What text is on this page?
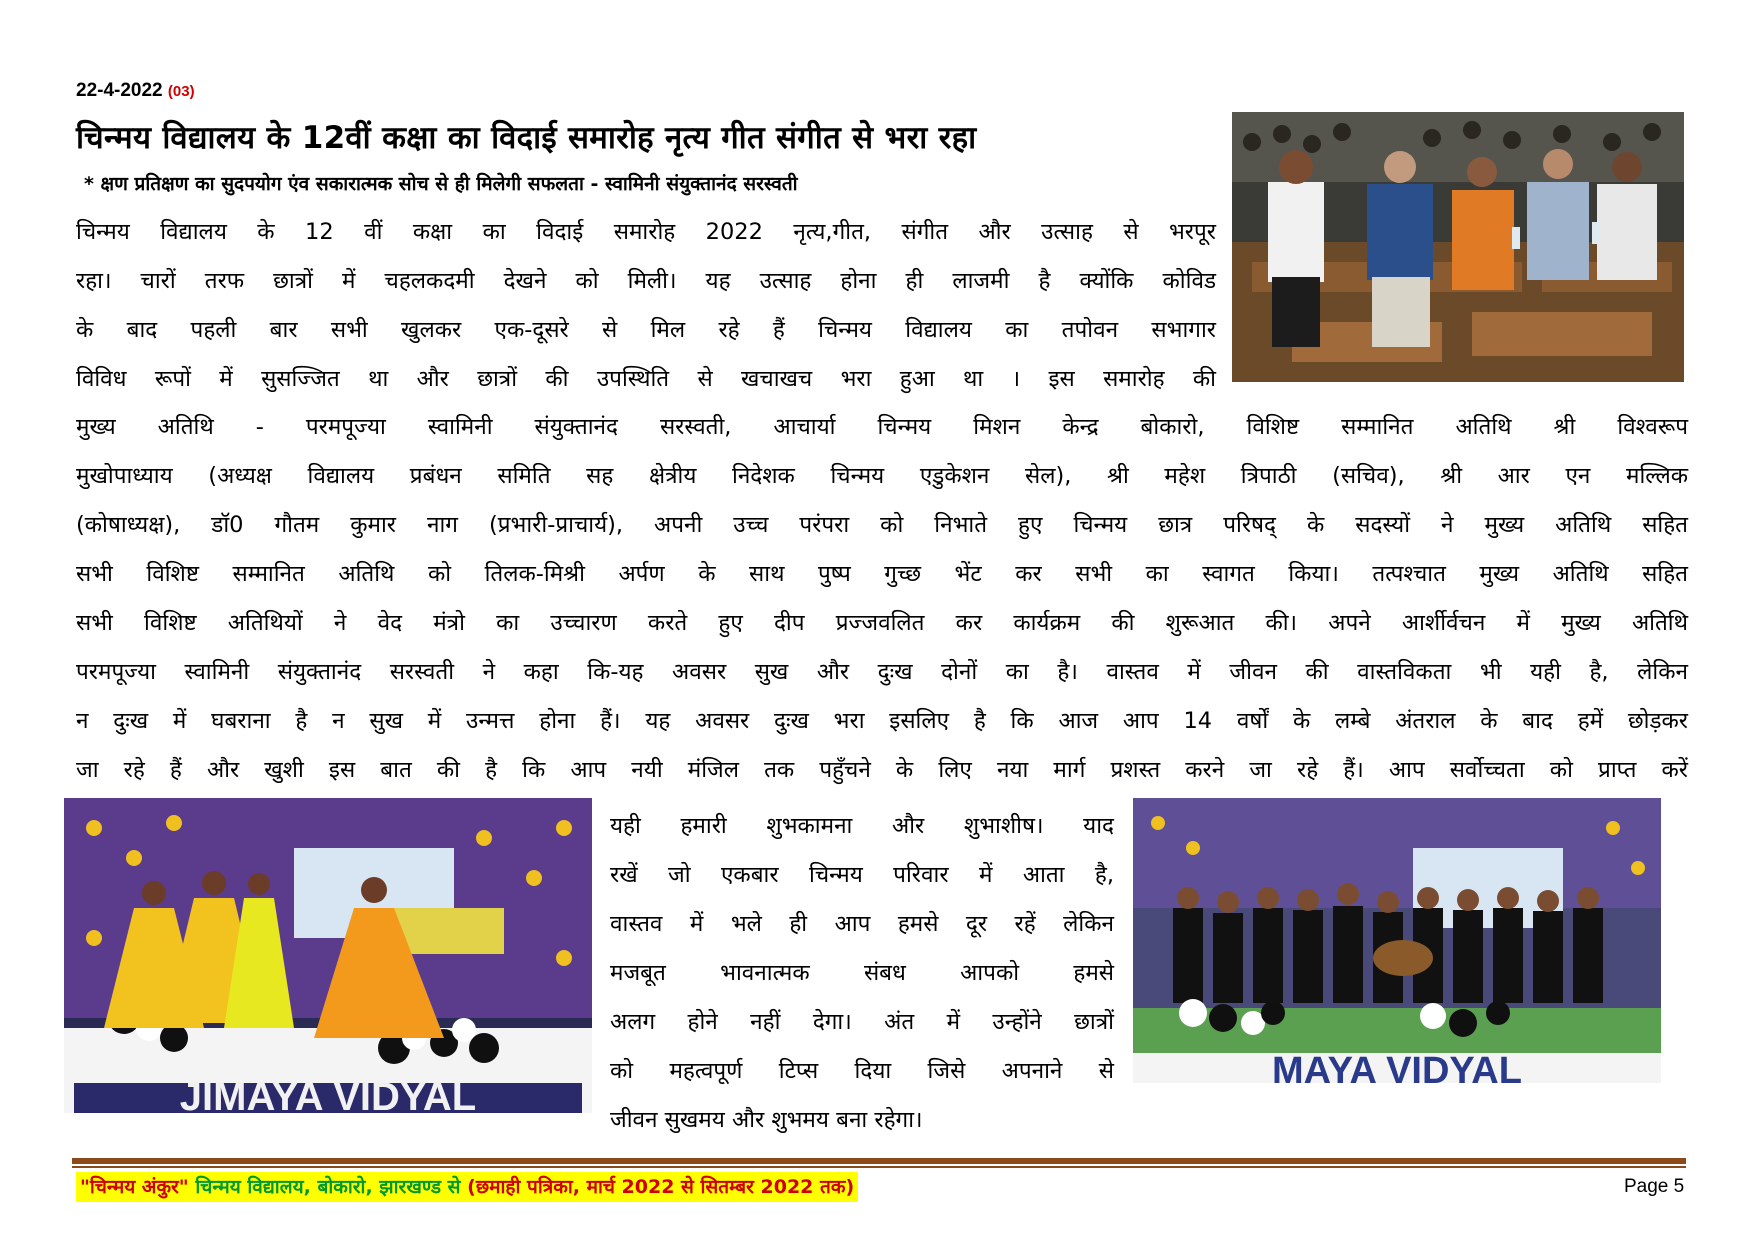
22-4-2022 (03)
चिन्मय विद्यालय के 12वीं कक्षा का विदाई समारोह नृत्य गीत संगीत से भरा रहा
* क्षण प्रतिक्षण का सुदपयोग एंव सकारात्मक सोच से ही मिलेगी सफलता - स्वामिनी संयुक्तानंद सरस्वती
चिन्मय विद्यालय के 12 वीं कक्षा का विदाई समारोह 2022 नृत्य,गीत, संगीत और उत्साह से भरपूर
रहा। चारों तरफ छात्रों में चहलकदमी देखने को मिली। यह उत्साह होना ही लाजमी है क्योंकि कोविड
के बाद पहली बार सभी खुलकर एक-दूसरे से मिल रहे हैं चिन्मय विद्यालय का तपोवन सभागार
विविध रूपों में सुसज्जित था और छात्रों की उपस्थिति से खचाखच भरा हुआ था । इस समारोह की
मुख्य अतिथि - परमपूज्या स्वामिनी संयुक्तानंद सरस्वती, आचार्या चिन्मय मिशन केन्द्र बोकारो, विशिष्ट सम्मानित अतिथि श्री विश्वरूप
मुखोपाध्याय (अध्यक्ष विद्यालय प्रबंधन समिति सह क्षेत्रीय निदेशक चिन्मय एडुकेशन सेल), श्री महेश त्रिपाठी (सचिव), श्री आर एन मल्लिक
(कोषाध्यक्ष), डॉ0 गौतम कुमार नाग (प्रभारी-प्राचार्य), अपनी उच्च परंपरा को निभाते हुए चिन्मय छात्र परिषद् के सदस्यों ने मुख्य अतिथि सहित
सभी विशिष्ट सम्मानित अतिथि को तिलक-मिश्री अर्पण के साथ पुष्प गुच्छ भेंट कर सभी का स्वागत किया। तत्पश्चात मुख्य अतिथि सहित
सभी विशिष्ट अतिथियों ने वेद मंत्रो का उच्चारण करते हुए दीप प्रज्जवलित कर कार्यक्रम की शुरूआत की। अपने आर्शीर्वचन में मुख्य अतिथि
परमपूज्या स्वामिनी संयुक्तानंद सरस्वती ने कहा कि-यह अवसर सुख और दुःख दोनों का है। वास्तव में जीवन की वास्तविकता भी यही है, लेकिन
न दुःख में घबराना है न सुख में उन्मत्त होना हैं। यह अवसर दुःख भरा इसलिए है कि आज आप 14 वर्षों के लम्बे अंतराल के बाद हमें छोड़कर
जा रहे हैं और खुशी इस बात की है कि आप नयी मंजिल तक पहुँचने के लिए नया मार्ग प्रशस्त करने जा रहे हैं। आप सर्वोच्चता को प्राप्त करें
JIMAYA VIDYAL
यही हमारी शुभकामना और शुभाशीष। याद
रखें जो एकबार चिन्मय परिवार में आता है,
वास्तव में भले ही आप हमसे दूर रहें लेकिन
मजबूत भावनात्मक संबध आपको हमसे
अलग होने नहीं देगा। अंत में उन्होंने छात्रों
को महत्वपूर्ण टिप्स दिया जिसे अपनाने से
जीवन सुखमय और शुभमय बना रहेगा।
MAYA VIDYAL
"चिन्मय अंकुर" चिन्मय विद्यालय, बोकारो, झारखण्ड से (छमाही पत्रिका, मार्च 2022 से सितम्बर 2022 तक)	Page 5
